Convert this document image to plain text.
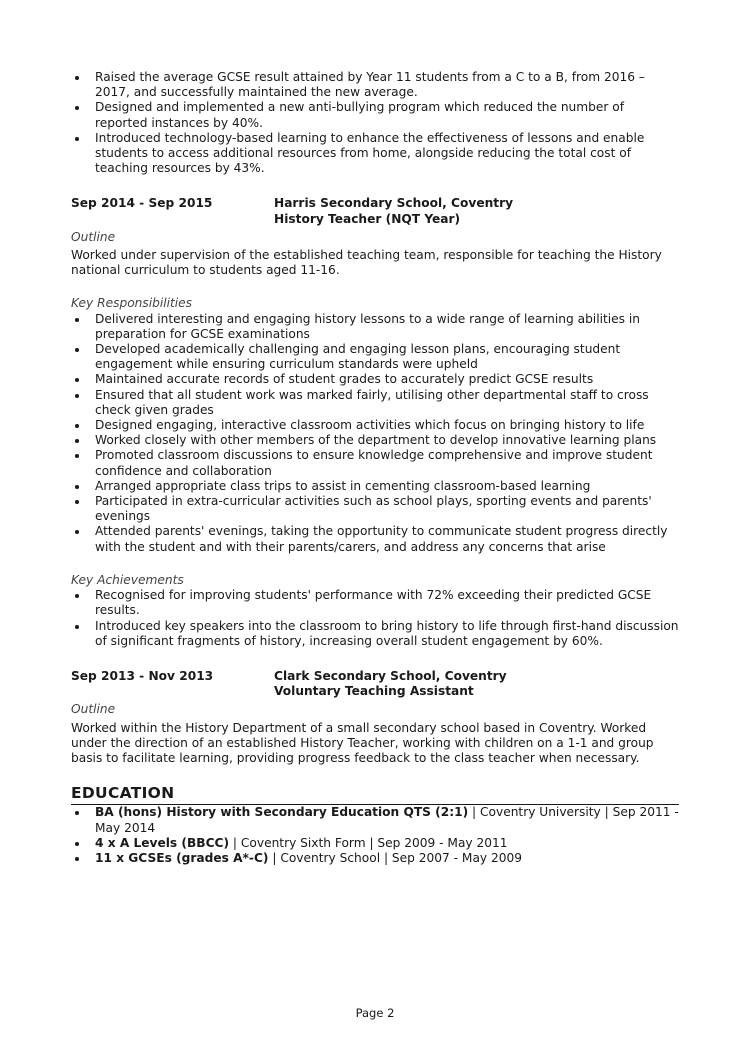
Raised the average GCSE result attained by Year 11 students from a C to a B, from 2016 – 2017, and successfully maintained the new average.
Designed and implemented a new anti-bullying program which reduced the number of reported instances by 40%.
Introduced technology-based learning to enhance the effectiveness of lessons and enable students to access additional resources from home, alongside reducing the total cost of teaching resources by 43%.
Sep 2014 - Sep 2015	Harris Secondary School, Coventry
History Teacher (NQT Year)
Outline

Worked under supervision of the established teaching team, responsible for teaching the History national curriculum to students aged 11-16.

Key Responsibilities
Delivered interesting and engaging history lessons to a wide range of learning abilities in preparation for GCSE examinations
Developed academically challenging and engaging lesson plans, encouraging student engagement while ensuring curriculum standards were upheld
Maintained accurate records of student grades to accurately predict GCSE results
Ensured that all student work was marked fairly, utilising other departmental staff to cross check given grades
Designed engaging, interactive classroom activities which focus on bringing history to life
Worked closely with other members of the department to develop innovative learning plans
Promoted classroom discussions to ensure knowledge comprehensive and improve student confidence and collaboration
Arranged appropriate class trips to assist in cementing classroom-based learning
Participated in extra-curricular activities such as school plays, sporting events and parents' evenings
Attended parents' evenings, taking the opportunity to communicate student progress directly with the student and with their parents/carers, and address any concerns that arise
Key Achievements
Recognised for improving students' performance with 72% exceeding their predicted GCSE results.
Introduced key speakers into the classroom to bring history to life through first-hand discussion of significant fragments of history, increasing overall student engagement by 60%.
Sep 2013 - Nov 2013	Clark Secondary School, Coventry
Voluntary Teaching Assistant
Outline

Worked within the History Department of a small secondary school based in Coventry. Worked under the direction of an established History Teacher, working with children on a 1-1 and group basis to facilitate learning, providing progress feedback to the class teacher when necessary.

EDUCATION
BA (hons) History with Secondary Education QTS (2:1) | Coventry University | Sep 2011 - May 2014
4 x A Levels (BBCC) | Coventry Sixth Form | Sep 2009 - May 2011
11 x GCSEs (grades A*-C) | Coventry School | Sep 2007 - May 2009
Page 2
